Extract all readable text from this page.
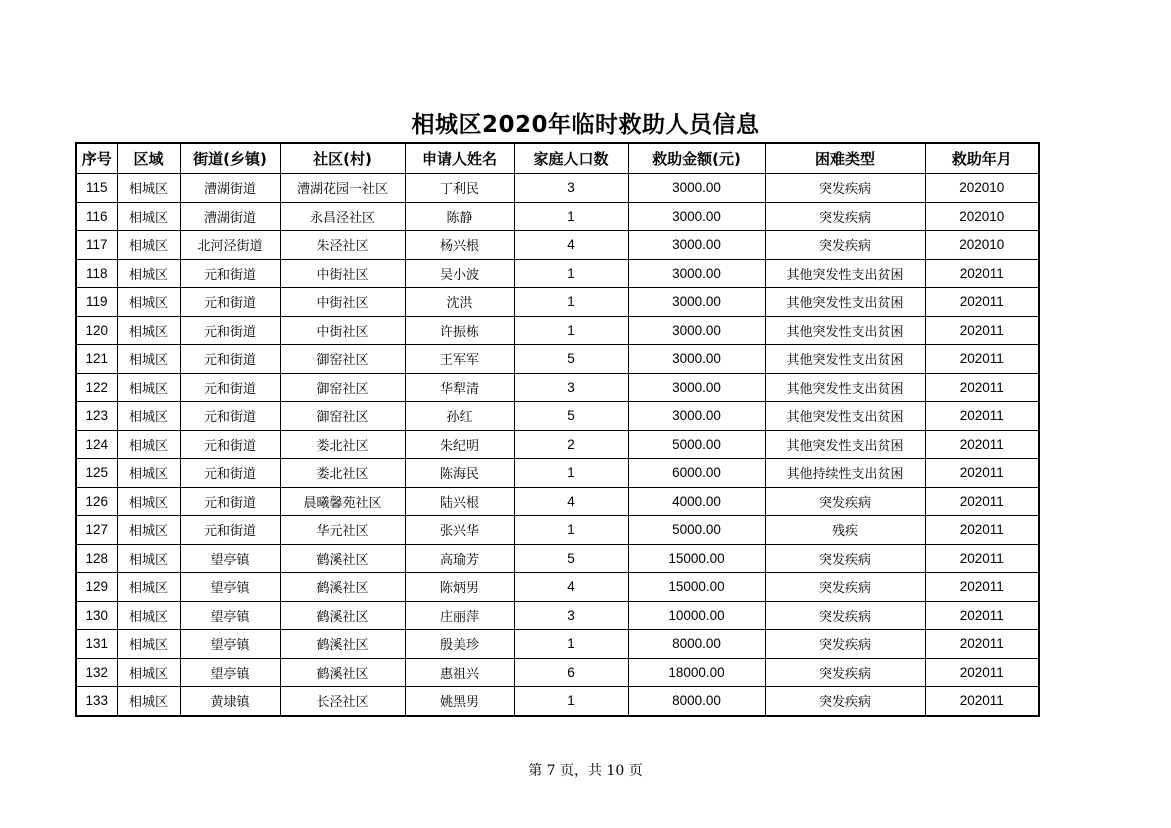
相城区2020年临时救助人员信息
序号	区域	街道(乡镇)	社区(村)	申请人姓名	家庭人口数	救助金额(元)	困难类型	救助年月
115	相城区	漕湖街道	漕湖花园一社区	丁利民	3	3000.00	突发疾病	202010
116	相城区	漕湖街道	永昌泾社区	陈静	1	3000.00	突发疾病	202010
117	相城区	北河泾街道	朱泾社区	杨兴根	4	3000.00	突发疾病	202010
118	相城区	元和街道	中街社区	吴小波	1	3000.00	其他突发性支出贫困	202011
119	相城区	元和街道	中街社区	沈洪	1	3000.00	其他突发性支出贫困	202011
120	相城区	元和街道	中街社区	许振栋	1	3000.00	其他突发性支出贫困	202011
121	相城区	元和街道	御窑社区	王军军	5	3000.00	其他突发性支出贫困	202011
122	相城区	元和街道	御窑社区	华犁清	3	3000.00	其他突发性支出贫困	202011
123	相城区	元和街道	御窑社区	孙红	5	3000.00	其他突发性支出贫困	202011
124	相城区	元和街道	娄北社区	朱纪明	2	5000.00	其他突发性支出贫困	202011
125	相城区	元和街道	娄北社区	陈海民	1	6000.00	其他持续性支出贫困	202011
126	相城区	元和街道	晨曦馨苑社区	陆兴根	4	4000.00	突发疾病	202011
127	相城区	元和街道	华元社区	张兴华	1	5000.00	残疾	202011
128	相城区	望亭镇	鹤溪社区	高瑜芳	5	15000.00	突发疾病	202011
129	相城区	望亭镇	鹤溪社区	陈炳男	4	15000.00	突发疾病	202011
130	相城区	望亭镇	鹤溪社区	庄丽萍	3	10000.00	突发疾病	202011
131	相城区	望亭镇	鹤溪社区	殷美珍	1	8000.00	突发疾病	202011
132	相城区	望亭镇	鹤溪社区	惠祖兴	6	18000.00	突发疾病	202011
133	相城区	黄埭镇	长泾社区	姚黑男	1	8000.00	突发疾病	202011
第 7 页，共 10 页
